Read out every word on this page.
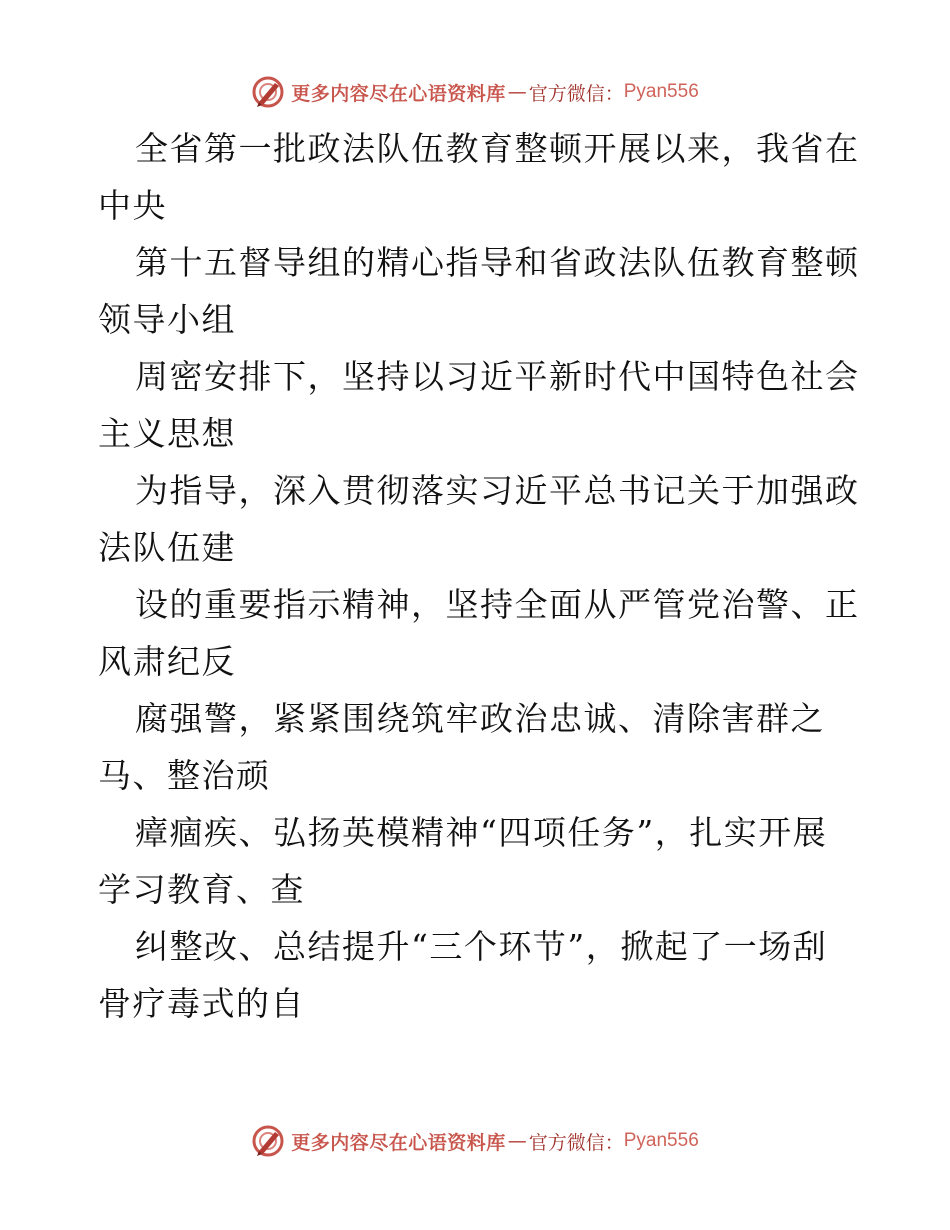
更多内容尽在心语资料库 — 官方微信： Pyan556

全省第一批政法队伍教育整顿开展以来，我省在
中央

第十五督导组的精心指导和省政法队伍教育整顿
领导小组

周密安排下，坚持以习近平新时代中国特色社会
主义思想

为指导，深入贯彻落实习近平总书记关于加强政
法队伍建

设的重要指示精神，坚持全面从严管党治警、正
风肃纪反

腐强警，紧紧围绕筑牢政治忠诚、清除害群之
马、整治顽

瘴痼疾、弘扬英模精神“四项任务”，扎实开展
学习教育、查

纠整改、总结提升“三个环节”，掀起了一场刮
骨疗毒式的自

更多内容尽在心语资料库 — 官方微信： Pyan556
